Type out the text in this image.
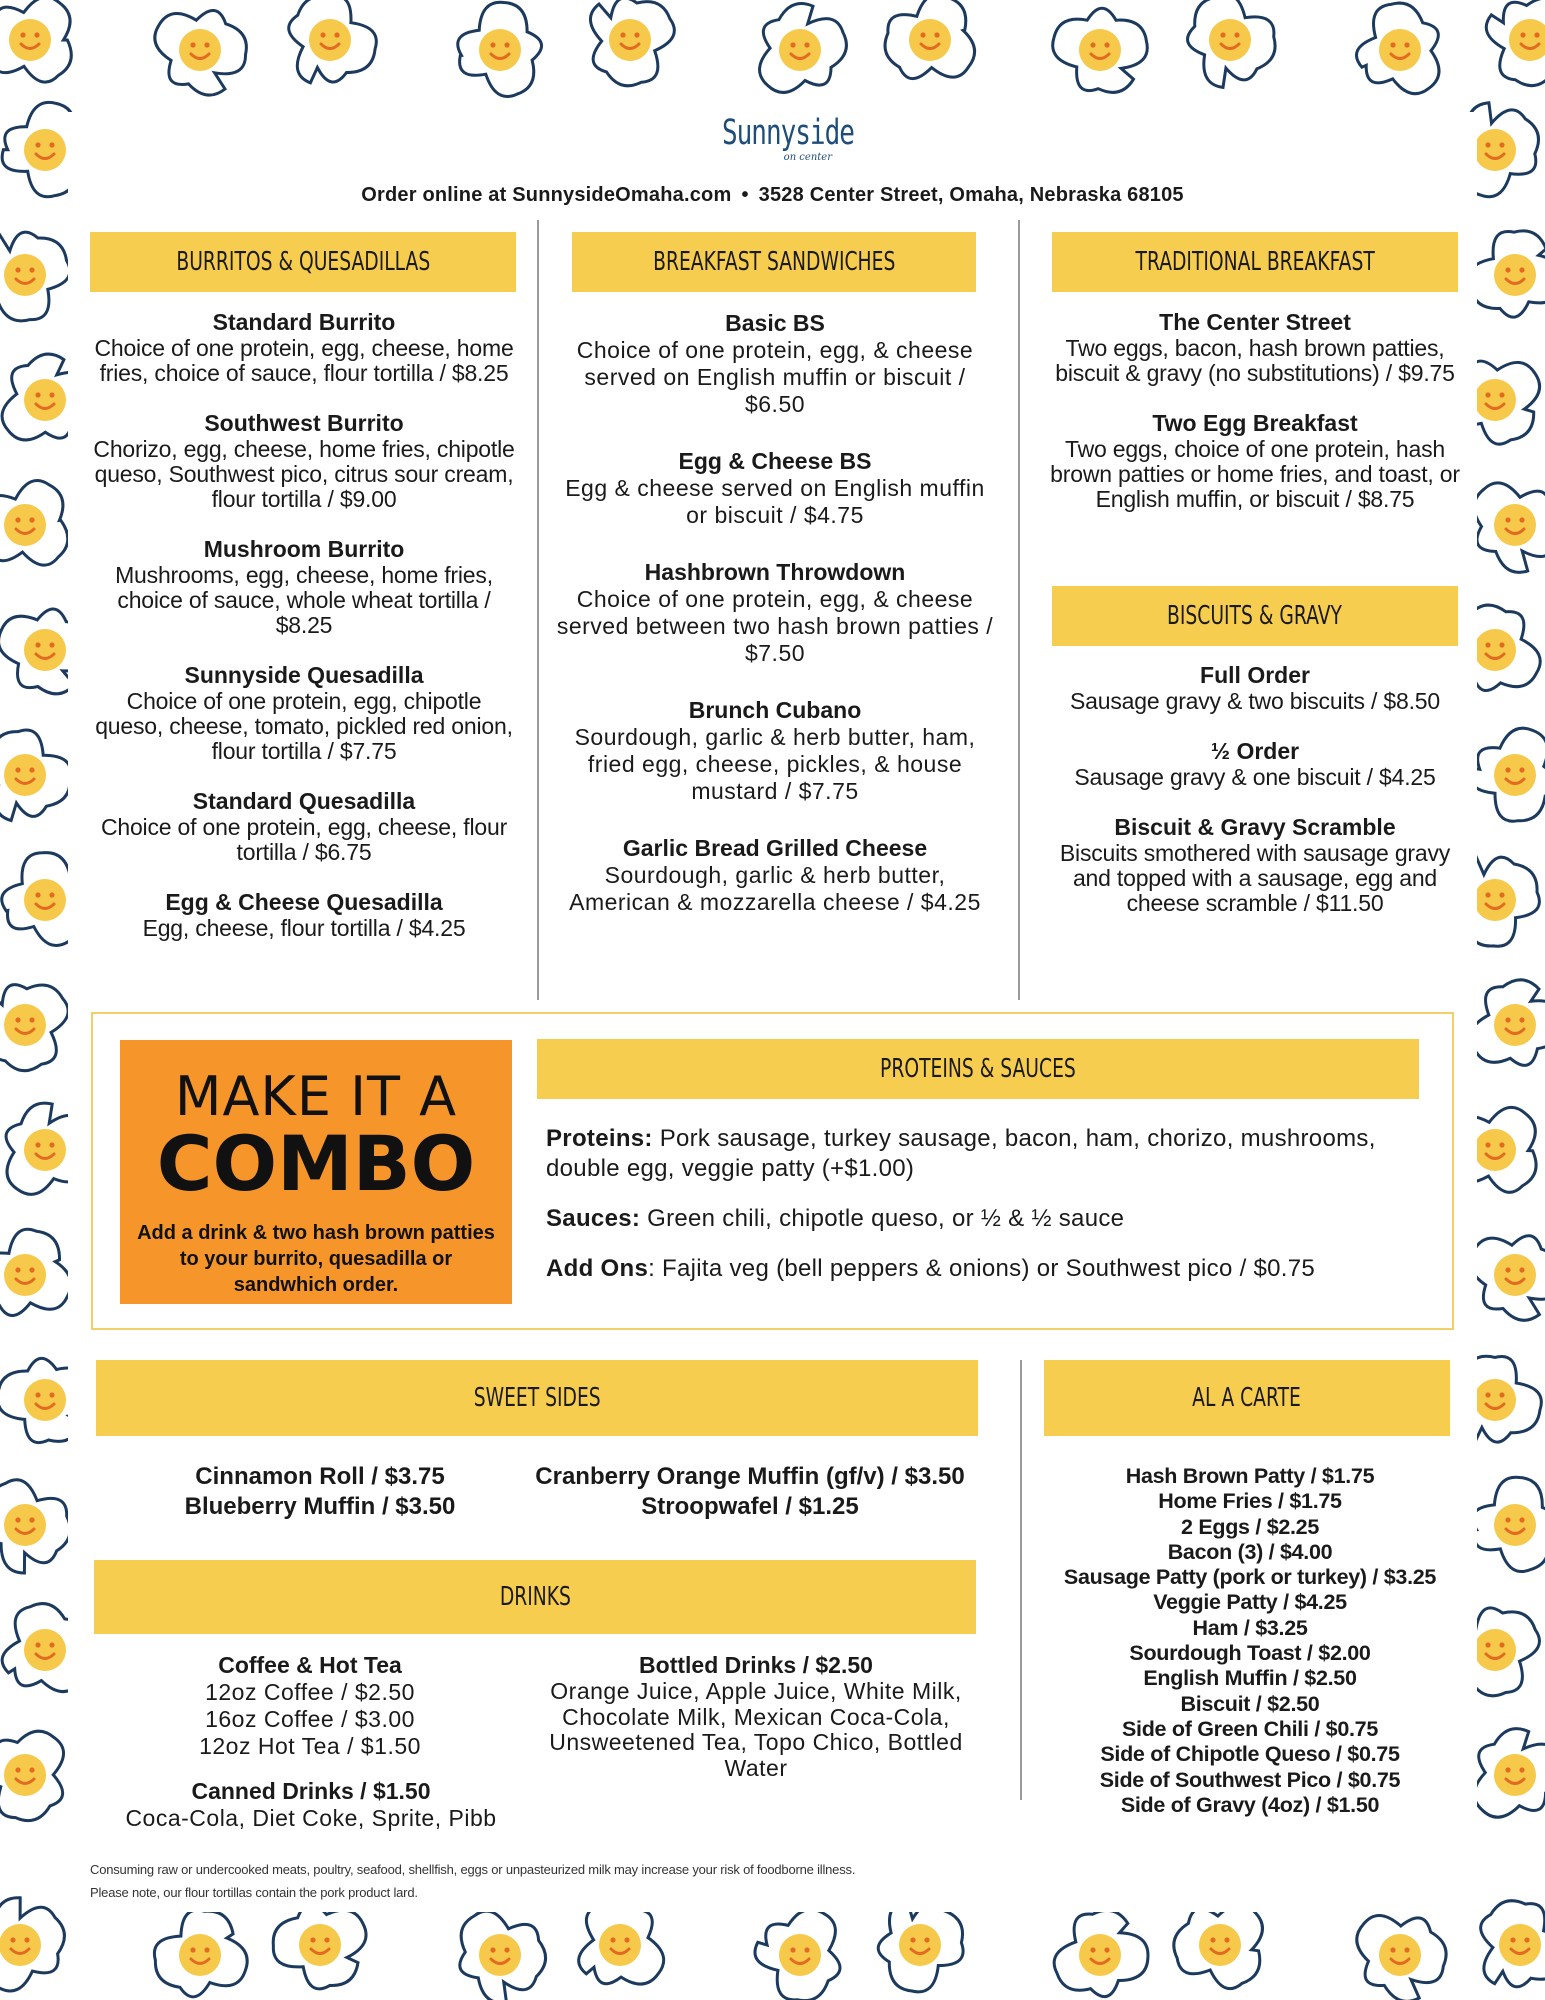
Sunnyside
on center
Order online at SunnysideOmaha.com • 3528 Center Street, Omaha, Nebraska 68105
BURRITOS & QUESADILLAS	BREAKFAST SANDWICHES	TRADITIONAL BREAKFAST
Standard Burrito
Choice of one protein, egg, cheese, home fries, choice of sauce, flour tortilla / $8.25
Southwest Burrito
Chorizo, egg, cheese, home fries, chipotle queso, Southwest pico, citrus sour cream, flour tortilla / $9.00
Mushroom Burrito
Mushrooms, egg, cheese, home fries, choice of sauce, whole wheat tortilla / $8.25
Sunnyside Quesadilla
Choice of one protein, egg, chipotle queso, cheese, tomato, pickled red onion, flour tortilla / $7.75
Standard Quesadilla
Choice of one protein, egg, cheese, flour tortilla / $6.75
Egg & Cheese Quesadilla
Egg, cheese, flour tortilla / $4.25
Basic BS
Choice of one protein, egg, & cheese served on English muffin or biscuit / $6.50
Egg & Cheese BS
Egg & cheese served on English muffin or biscuit / $4.75
Hashbrown Throwdown
Choice of one protein, egg, & cheese served between two hash brown patties / $7.50
Brunch Cubano
Sourdough, garlic & herb butter, ham, fried egg, cheese, pickles, & house mustard / $7.75
Garlic Bread Grilled Cheese
Sourdough, garlic & herb butter, American & mozzarella cheese / $4.25
The Center Street
Two eggs, bacon, hash brown patties, biscuit & gravy (no substitutions) / $9.75
Two Egg Breakfast
Two eggs, choice of one protein, hash brown patties or home fries, and toast, or English muffin, or biscuit / $8.75
BISCUITS & GRAVY
Full Order
Sausage gravy & two biscuits / $8.50
½ Order
Sausage gravy & one biscuit / $4.25
Biscuit & Gravy Scramble
Biscuits smothered with sausage gravy and topped with a sausage, egg and cheese scramble / $11.50
MAKE IT A
COMBO
Add a drink & two hash brown patties to your burrito, quesadilla or sandwhich order.
PROTEINS & SAUCES
Proteins: Pork sausage, turkey sausage, bacon, ham, chorizo, mushrooms, double egg, veggie patty (+$1.00)
Sauces: Green chili, chipotle queso, or ½ & ½ sauce
Add Ons: Fajita veg (bell peppers & onions) or Southwest pico / $0.75
SWEET SIDES
Cinnamon Roll / $3.75
Blueberry Muffin / $3.50
Cranberry Orange Muffin (gf/v) / $3.50
Stroopwafel / $1.25
DRINKS
Coffee & Hot Tea
12oz Coffee / $2.50
16oz Coffee / $3.00
12oz Hot Tea / $1.50
Canned Drinks / $1.50
Coca-Cola, Diet Coke, Sprite, Pibb
Bottled Drinks / $2.50
Orange Juice, Apple Juice, White Milk, Chocolate Milk, Mexican Coca-Cola, Unsweetened Tea, Topo Chico, Bottled Water
AL A CARTE
Hash Brown Patty / $1.75
Home Fries / $1.75
2 Eggs / $2.25
Bacon (3) / $4.00
Sausage Patty (pork or turkey) / $3.25
Veggie Patty / $4.25
Ham / $3.25
Sourdough Toast / $2.00
English Muffin / $2.50
Biscuit / $2.50
Side of Green Chili / $0.75
Side of Chipotle Queso / $0.75
Side of Southwest Pico / $0.75
Side of Gravy (4oz) / $1.50
Consuming raw or undercooked meats, poultry, seafood, shellfish, eggs or unpasteurized milk may increase your risk of foodborne illness.
Please note, our flour tortillas contain the pork product lard.
